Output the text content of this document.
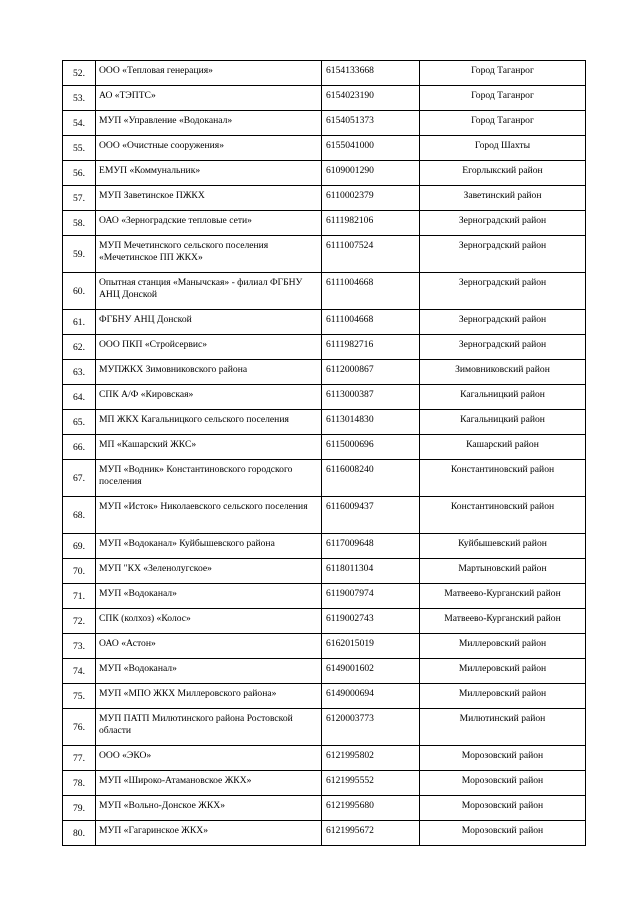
52.	ООО «Тепловая генерация»	6154133668	Город Таганрог
53.	АО «ТЭПТС»	6154023190	Город Таганрог
54.	МУП «Управление «Водоканал»	6154051373	Город Таганрог
55.	ООО «Очистные сооружения»	6155041000	Город Шахты
56.	ЕМУП «Коммунальник»	6109001290	Егорлыкский район
57.	МУП Заветинское ПЖКХ	6110002379	Заветинский район
58.	ОАО «Зерноградские тепловые сети»	6111982106	Зерноградский район
59.	МУП Мечетинского сельского поселения «Мечетинское ПП ЖКХ»	6111007524	Зерноградский район
60.	Опытная станция «Манычская» - филиал ФГБНУ АНЦ Донской	6111004668	Зерноградский район
61.	ФГБНУ АНЦ Донской	6111004668	Зерноградский район
62.	ООО ПКП «Стройсервис»	6111982716	Зерноградский район
63.	МУПЖКХ Зимовниковского района	6112000867	Зимовниковский район
64.	СПК А/Ф «Кировская»	6113000387	Кагальницкий район
65.	МП ЖКХ Кагальницкого сельского поселения	6113014830	Кагальницкий район
66.	МП «Кашарский ЖКС»	6115000696	Кашарский район
67.	МУП «Водник» Константиновского городского поселения	6116008240	Константиновский район
68.	МУП «Исток» Николаевского сельского поселения	6116009437	Константиновский район
69.	МУП «Водоканал» Куйбышевского района	6117009648	Куйбышевский район
70.	МУП "КХ «Зеленолугское»	6118011304	Мартыновский район
71.	МУП «Водоканал»	6119007974	Матвеево-Курганский район
72.	СПК (колхоз) «Колос»	6119002743	Матвеево-Курганский район
73.	ОАО «Астон»	6162015019	Миллеровский район
74.	МУП «Водоканал»	6149001602	Миллеровский район
75.	МУП «МПО ЖКХ Миллеровского района»	6149000694	Миллеровский район
76.	МУП ПАТП Милютинского района Ростовской области	6120003773	Милютинский район
77.	ООО «ЭКО»	6121995802	Морозовский район
78.	МУП «Широко-Атамановское ЖКХ»	6121995552	Морозовский район
79.	МУП «Вольно-Донское ЖКХ»	6121995680	Морозовский район
80.	МУП «Гагаринское ЖКХ»	6121995672	Морозовский район
